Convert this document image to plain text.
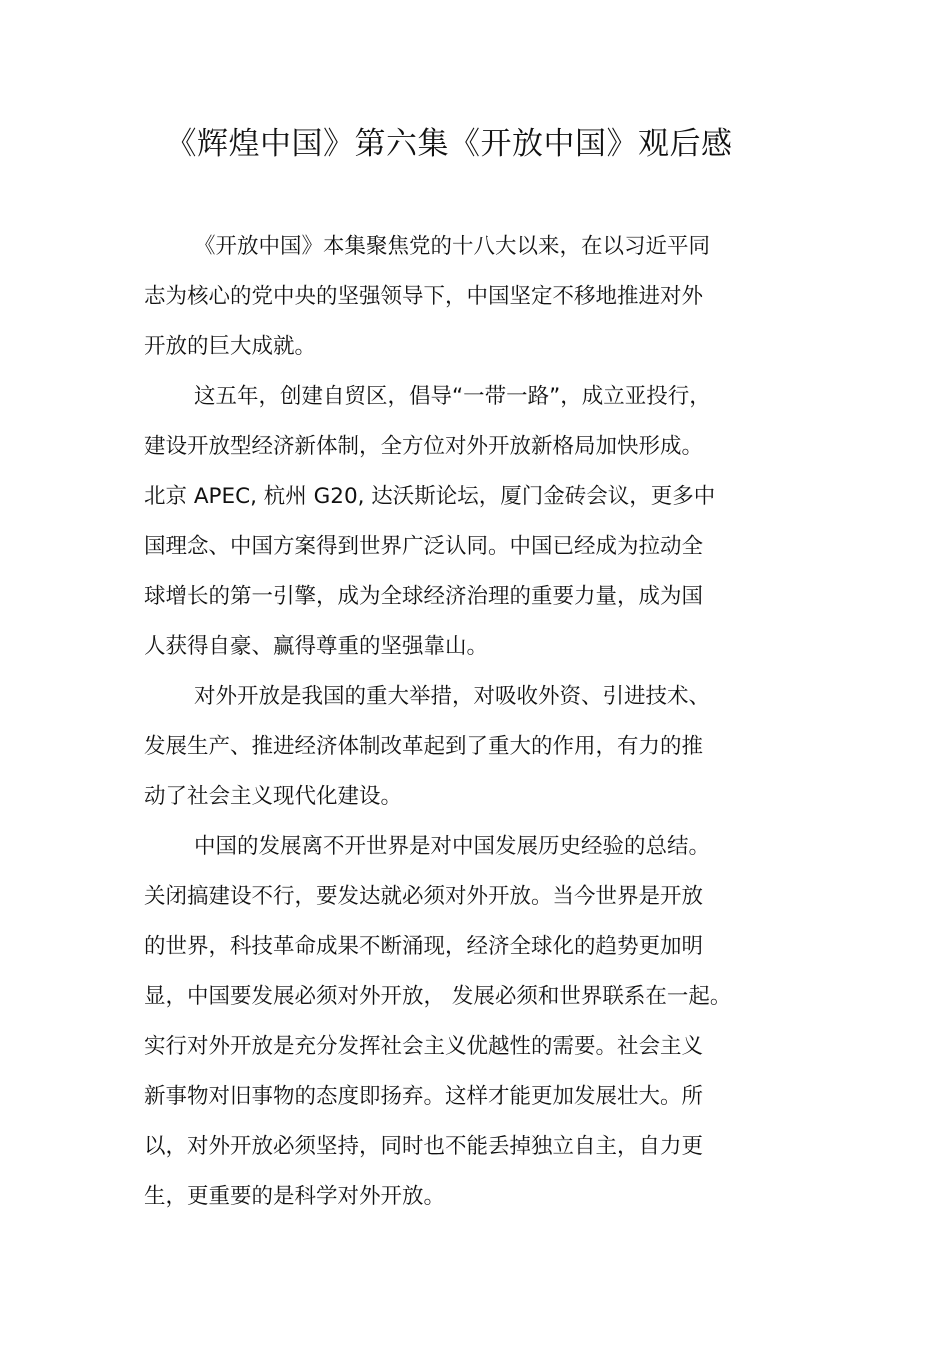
《辉煌中国》第六集《开放中国》观后感
《开放中国》本集聚焦党的十八大以来，在以习近平同
志为核心的党中央的坚强领导下，中国坚定不移地推进对外
开放的巨大成就。
这五年，创建自贸区，倡导“一带一路”，成立亚投行，
建设开放型经济新体制，全方位对外开放新格局加快形成。
北京 APEC, 杭州 G20, 达沃斯论坛，厦门金砖会议，更多中
国理念、中国方案得到世界广泛认同。中国已经成为拉动全
球增长的第一引擎，成为全球经济治理的重要力量，成为国
人获得自豪、赢得尊重的坚强靠山。
对外开放是我国的重大举措，对吸收外资、引进技术、
发展生产、推进经济体制改革起到了重大的作用，有力的推
动了社会主义现代化建设。
中国的发展离不开世界是对中国发展历史经验的总结。
关闭搞建设不行，要发达就必须对外开放。当今世界是开放
的世界，科技革命成果不断涌现，经济全球化的趋势更加明
显，中国要发展必须对外开放， 发展必须和世界联系在一起。
实行对外开放是充分发挥社会主义优越性的需要。社会主义
新事物对旧事物的态度即扬弃。这样才能更加发展壮大。所
以，对外开放必须坚持，同时也不能丢掉独立自主，自力更
生，更重要的是科学对外开放。
